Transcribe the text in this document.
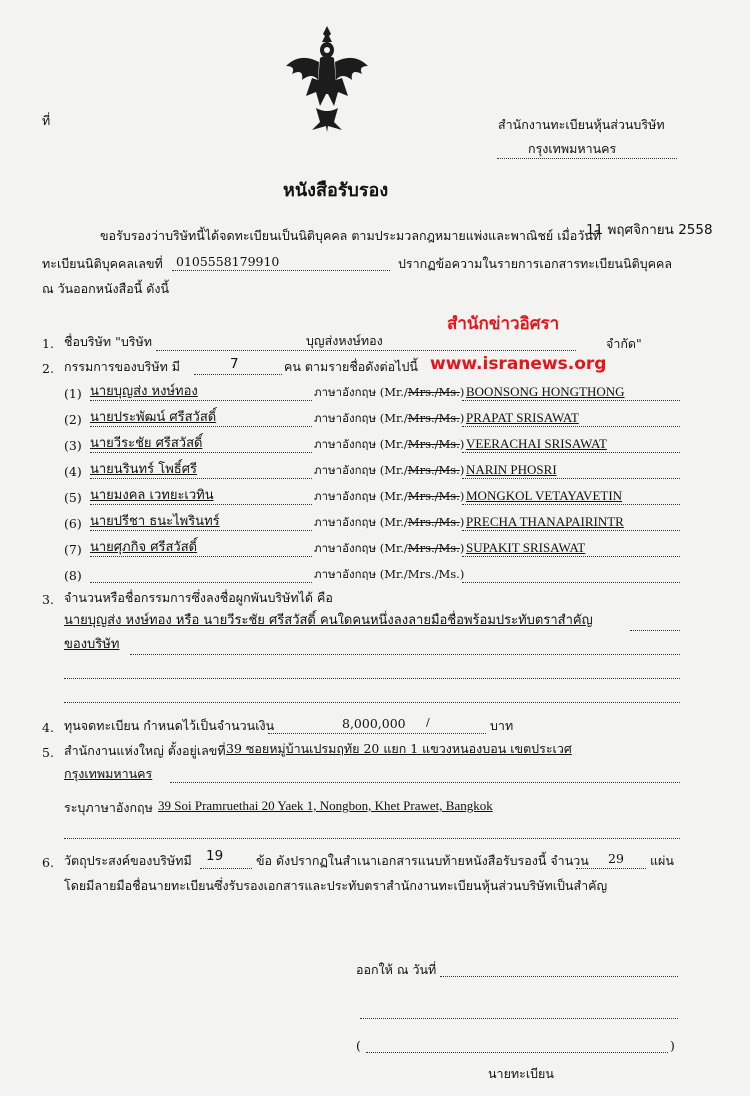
ที่	สำนักงานทะเบียนหุ้นส่วนบริษัท
กรุงเทพมหานคร
หนังสือรับรอง
ขอรับรองว่าบริษัทนี้ได้จดทะเบียนเป็นนิติบุคคล ตามประมวลกฎหมายแพ่งและพาณิชย์ เมื่อวันที่
11 พฤศจิกายน 2558
ทะเบียนนิติบุคคลเลขที่ 0105558179910	ปรากฏข้อความในรายการเอกสารทะเบียนนิติบุคคล
ณ วันออกหนังสือนี้ ดังนี้
สำนักข่าวอิศรา
www.isranews.org
1. ชื่อบริษัท "บริษัท	บุญส่งหงษ์ทอง	จำกัด"
2. กรรมการของบริษัท มี	7	คน ตามรายชื่อดังต่อไปนี้
(1) นายบุญส่ง หงษ์ทอง	ภาษาอังกฤษ (Mr./Mrs./Ms.) BOONSONG HONGTHONG
(2) นายประพัฒน์ ศรีสวัสดิ์	ภาษาอังกฤษ (Mr./Mrs./Ms.) PRAPAT SRISAWAT
(3) นายวีระชัย ศรีสวัสดิ์	ภาษาอังกฤษ (Mr./Mrs./Ms.) VEERACHAI SRISAWAT
(4) นายนรินทร์ โพธิ์ศรี	ภาษาอังกฤษ (Mr./Mrs./Ms.) NARIN PHOSRI
(5) นายมงคล เวทยะเวทิน	ภาษาอังกฤษ (Mr./Mrs./Ms.) MONGKOL VETAYAVETIN
(6) นายปรีชา ธนะไพรินทร์	ภาษาอังกฤษ (Mr./Mrs./Ms.) PRECHA THANAPAIRINTR
(7) นายศุภกิจ ศรีสวัสดิ์	ภาษาอังกฤษ (Mr./Mrs./Ms.) SUPAKIT SRISAWAT
(8)	ภาษาอังกฤษ (Mr./Mrs./Ms.)
3. จำนวนหรือชื่อกรรมการซึ่งลงชื่อผูกพันบริษัทได้ คือ
นายบุญส่ง หงษ์ทอง หรือ นายวีระชัย ศรีสวัสดิ์ คนใดคนหนึ่งลงลายมือชื่อพร้อมประทับตราสำคัญ
ของบริษัท
4. ทุนจดทะเบียน กำหนดไว้เป็นจำนวนเงิน	8,000,000 /	บาท
5. สำนักงานแห่งใหญ่ ตั้งอยู่เลขที่ 39 ซอยหมู่บ้านเปรมฤทัย 20 แยก 1 แขวงหนองบอน เขตประเวศ
กรุงเทพมหานคร
ระบุภาษาอังกฤษ 39 Soi Pramruethai 20 Yaek 1, Nongbon, Khet Prawet, Bangkok
6. วัตถุประสงค์ของบริษัทมี 19	ข้อ ดังปรากฏในสำเนาเอกสารแนบท้ายหนังสือรับรองนี้ จำนวน 29 แผ่น
โดยมีลายมือชื่อนายทะเบียนซึ่งรับรองเอกสารและประทับตราสำนักงานทะเบียนหุ้นส่วนบริษัทเป็นสำคัญ
ออกให้ ณ วันที่
(	)
นายทะเบียน
